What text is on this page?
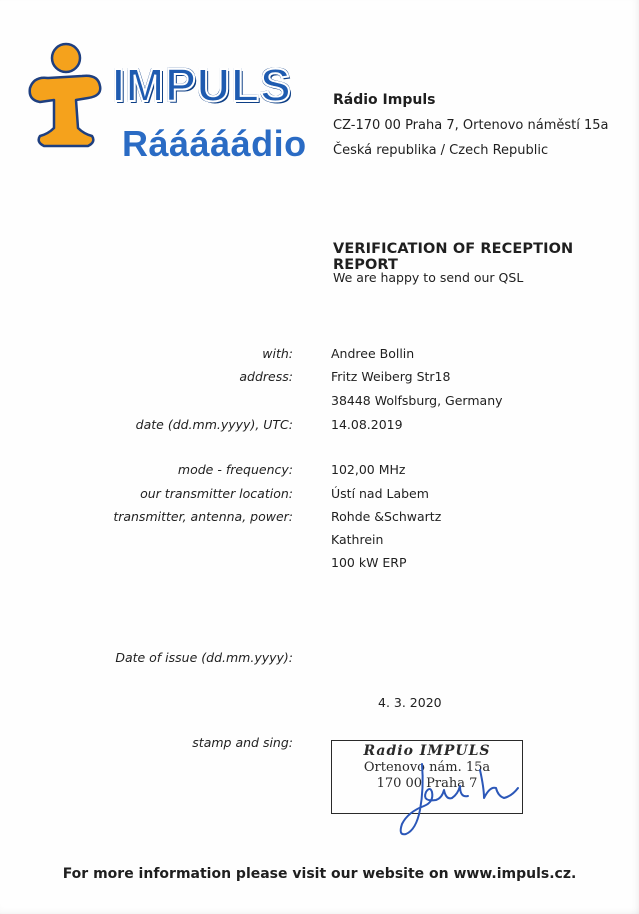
IMPULS
Rááááádio
Rádio Impuls
CZ-170 00 Praha 7, Ortenovo náměstí 15a
Česká republika / Czech Republic
VERIFICATION OF RECEPTION REPORT
We are happy to send our QSL
with:	Andree Bollin
address:	Fritz Weiberg Str18
38448 Wolfsburg, Germany
date (dd.mm.yyyy), UTC:	14.08.2019
mode - frequency:	102,00 MHz
our transmitter location:	Ústí nad Labem
transmitter, antenna, power:	Rohde &Schwartz
Kathrein
100 kW ERP
Date of issue (dd.mm.yyyy):
4. 3. 2020
stamp and sing:
Radio IMPULS
Ortenovo nám. 15a
170 00 Praha 7
For more information please visit our website on www.impuls.cz.
